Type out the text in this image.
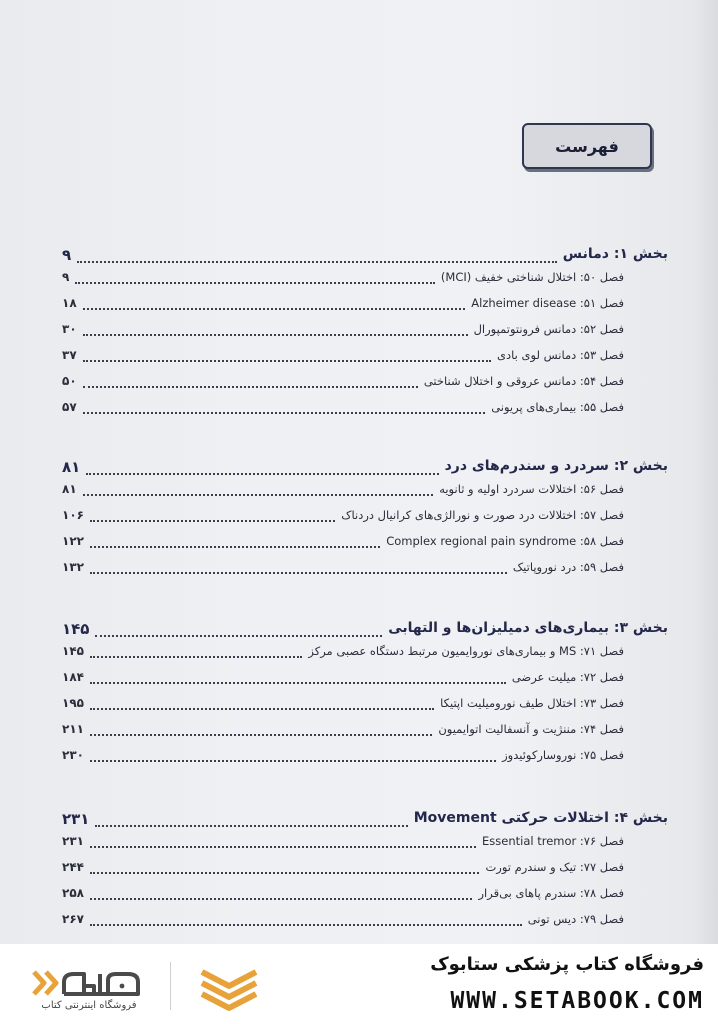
فهرست
بخش ۱: دمانس
۹
فصل ۵۰: اختلال شناختی خفیف (MCI)
۹
فصل ۵۱: Alzheimer disease
۱۸
فصل ۵۲: دمانس فرونتوتمپورال
۳۰
فصل ۵۳: دمانس لوی بادی
۳۷
فصل ۵۴: دمانس عروقی و اختلال شناختی
۵۰
فصل ۵۵: بیماری‌های پریونی
۵۷
بخش ۲: سردرد و سندرم‌های درد
۸۱
فصل ۵۶: اختلالات سردرد اولیه و ثانویه
۸۱
فصل ۵۷: اختلالات درد صورت و نورالژی‌های کرانیال دردناک
۱۰۶
فصل ۵۸: Complex regional pain syndrome
۱۲۲
فصل ۵۹: درد نوروپاتیک
۱۳۲
بخش ۳: بیماری‌های دمیلیزان‌ها و التهابی
۱۴۵
فصل ۷۱: MS و بیماری‌های نوروایمیون مرتبط دستگاه عصبی مرکز
۱۴۵
فصل ۷۲: میلیت عرضی
۱۸۴
فصل ۷۳: اختلال طیف نورومیلیت اپتیکا
۱۹۵
فصل ۷۴: مننژیت و آنسفالیت اتوایمیون
۲۱۱
فصل ۷۵: نوروسارکوئیدوز
۲۳۰
بخش ۴: اختلالات حرکتی Movement
۲۳۱
فصل ۷۶: Essential tremor
۲۳۱
فصل ۷۷: تیک و سندرم تورت
۲۴۴
فصل ۷۸: سندرم پاهای بی‌قرار
۲۵۸
فصل ۷۹: دیس تونی
۲۶۷
فروشگاه اینترنتی کتاب
فروشگاه کتاب پزشکی ستابوک
WWW.SETABOOK.COM
